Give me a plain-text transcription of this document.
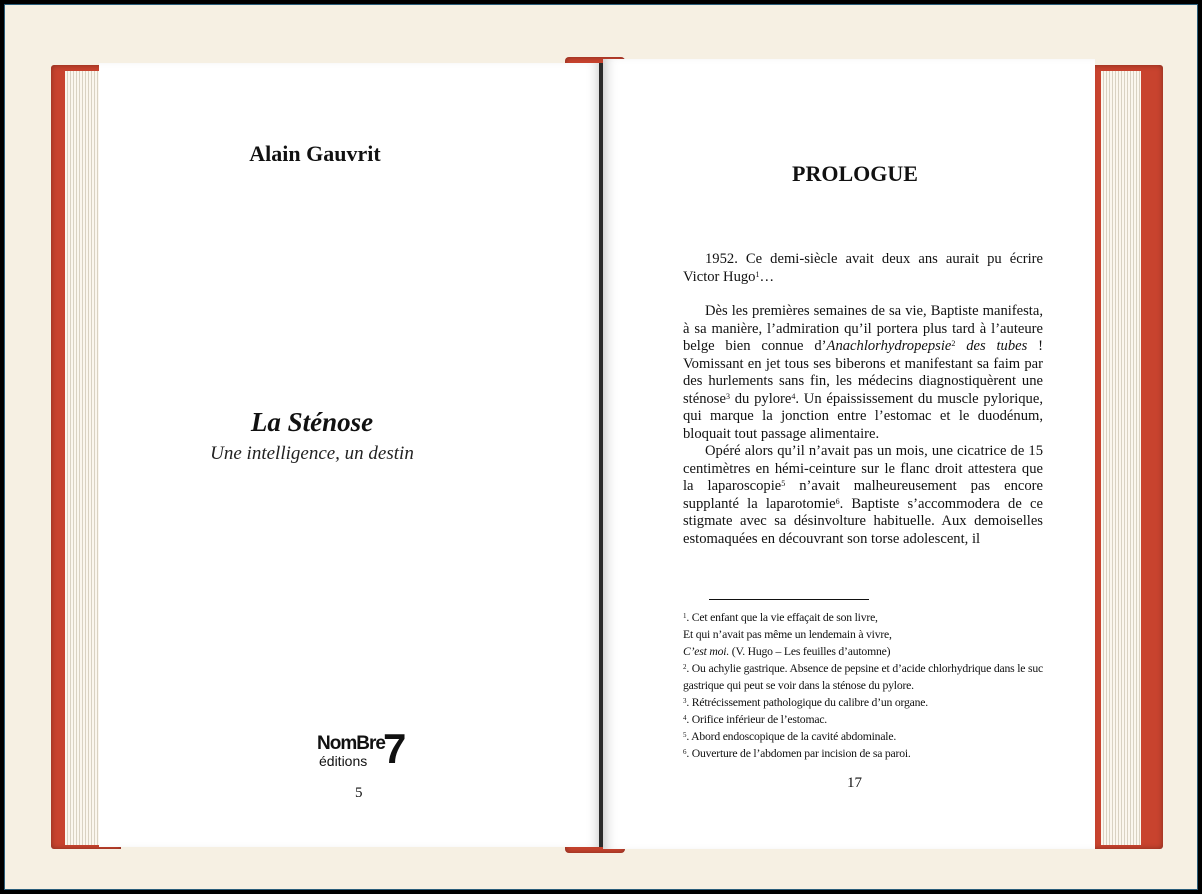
Alain Gauvrit
La Sténose
Une intelligence, un destin
NomBre
éditions 7
5
PROLOGUE

1952. Ce demi-siècle avait deux ans aurait pu écrire Victor Hugo$^1$…

Dès les premières semaines de sa vie, Baptiste manifesta, à sa manière, l’admiration qu’il portera plus tard à l’auteure belge bien connue d’Anachlorhydropepsie$^2$ des tubes ! Vomissant en jet tous ses biberons et manifestant sa faim par des hurlements sans fin, les médecins diagnostiquèrent une sténose$^3$ du pylore$^4$. Un épaississement du muscle pylorique, qui marque la jonction entre l’estomac et le duodénum, bloquait tout passage alimentaire.

Opéré alors qu’il n’avait pas un mois, une cicatrice de 15 centimètres en hémi-ceinture sur le flanc droit attestera que la laparoscopie$^5$ n’avait malheureusement pas encore supplanté la laparotomie$^6$. Baptiste s’accommodera de ce stigmate avec sa désinvolture habituelle. Aux demoiselles estomaquées en découvrant son torse adolescent, il

$^1$. Cet enfant que la vie effaçait de son livre,
Et qui n’avait pas même un lendemain à vivre,
C’est moi. (V. Hugo – Les feuilles d’automne)
$^2$. Ou achylie gastrique. Absence de pepsine et d’acide chlorhydrique dans le suc gastrique qui peut se voir dans la sténose du pylore.
$^3$. Rétrécissement pathologique du calibre d’un organe.
$^4$. Orifice inférieur de l’estomac.
$^5$. Abord endoscopique de la cavité abdominale.
$^6$. Ouverture de l’abdomen par incision de sa paroi.
17
